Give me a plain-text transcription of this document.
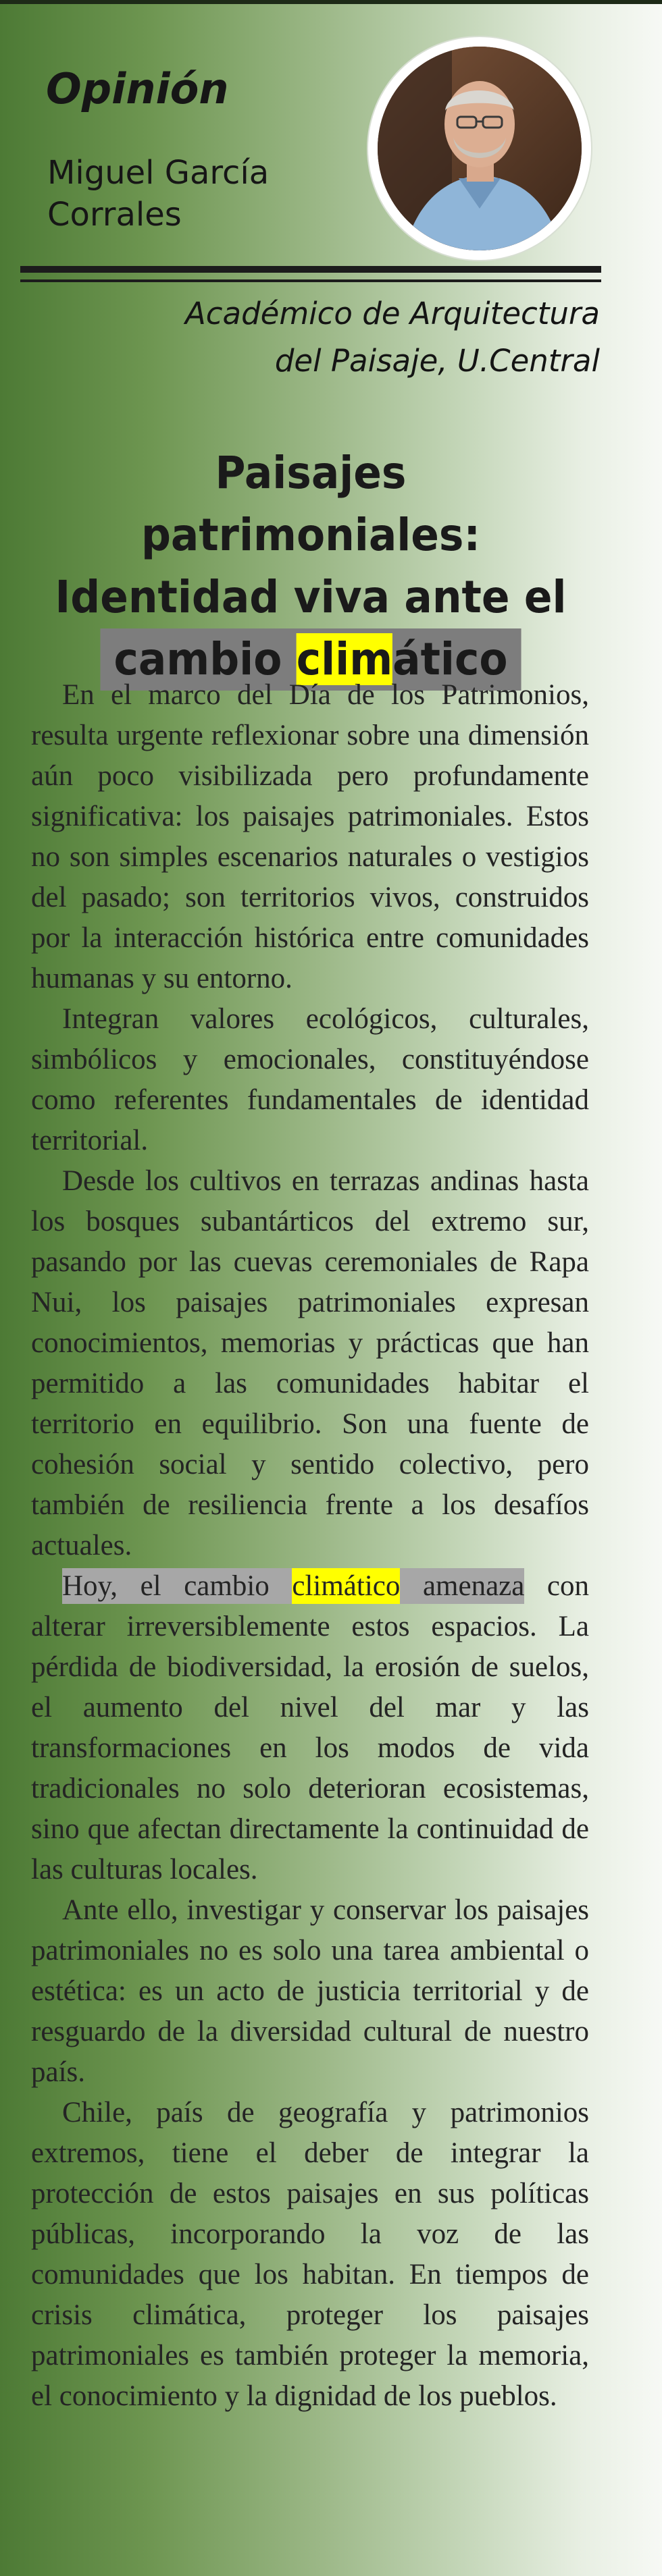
Opinión
Miguel García Corrales
Académico de Arquitectura
del Paisaje, U.Central
Paisajes patrimoniales:
Identidad viva ante el
cambio climático

En el marco del Día de los Patrimonios, resulta urgente reflexionar sobre una dimensión aún poco visibilizada pero profundamente significativa: los paisajes patrimoniales. Estos no son simples escenarios naturales o vestigios del pasado; son territorios vivos, construidos por la interacción histórica entre comunidades humanas y su entorno.

Integran valores ecológicos, culturales, simbólicos y emocionales, constituyéndose como referentes fundamentales de identidad territorial.

Desde los cultivos en terrazas andinas hasta los bosques subantárticos del extremo sur, pasando por las cuevas ceremoniales de Rapa Nui, los paisajes patrimoniales expresan conocimientos, memorias y prácticas que han permitido a las comunidades habitar el territorio en equilibrio. Son una fuente de cohesión social y sentido colectivo, pero también de resiliencia frente a los desafíos actuales.

Hoy, el cambio climático amenaza con alterar irreversiblemente estos espacios. La pérdida de biodiversidad, la erosión de suelos, el aumento del nivel del mar y las transformaciones en los modos de vida tradicionales no solo deterioran ecosistemas, sino que afectan directamente la continuidad de las culturas locales.

Ante ello, investigar y conservar los paisajes patrimoniales no es solo una tarea ambiental o estética: es un acto de justicia territorial y de resguardo de la diversidad cultural de nuestro país.

Chile, país de geografía y patrimonios extremos, tiene el deber de integrar la protección de estos paisajes en sus políticas públicas, incorporando la voz de las comunidades que los habitan. En tiempos de crisis climática, proteger los paisajes patrimoniales es también proteger la memoria, el conocimiento y la dignidad de los pueblos.
